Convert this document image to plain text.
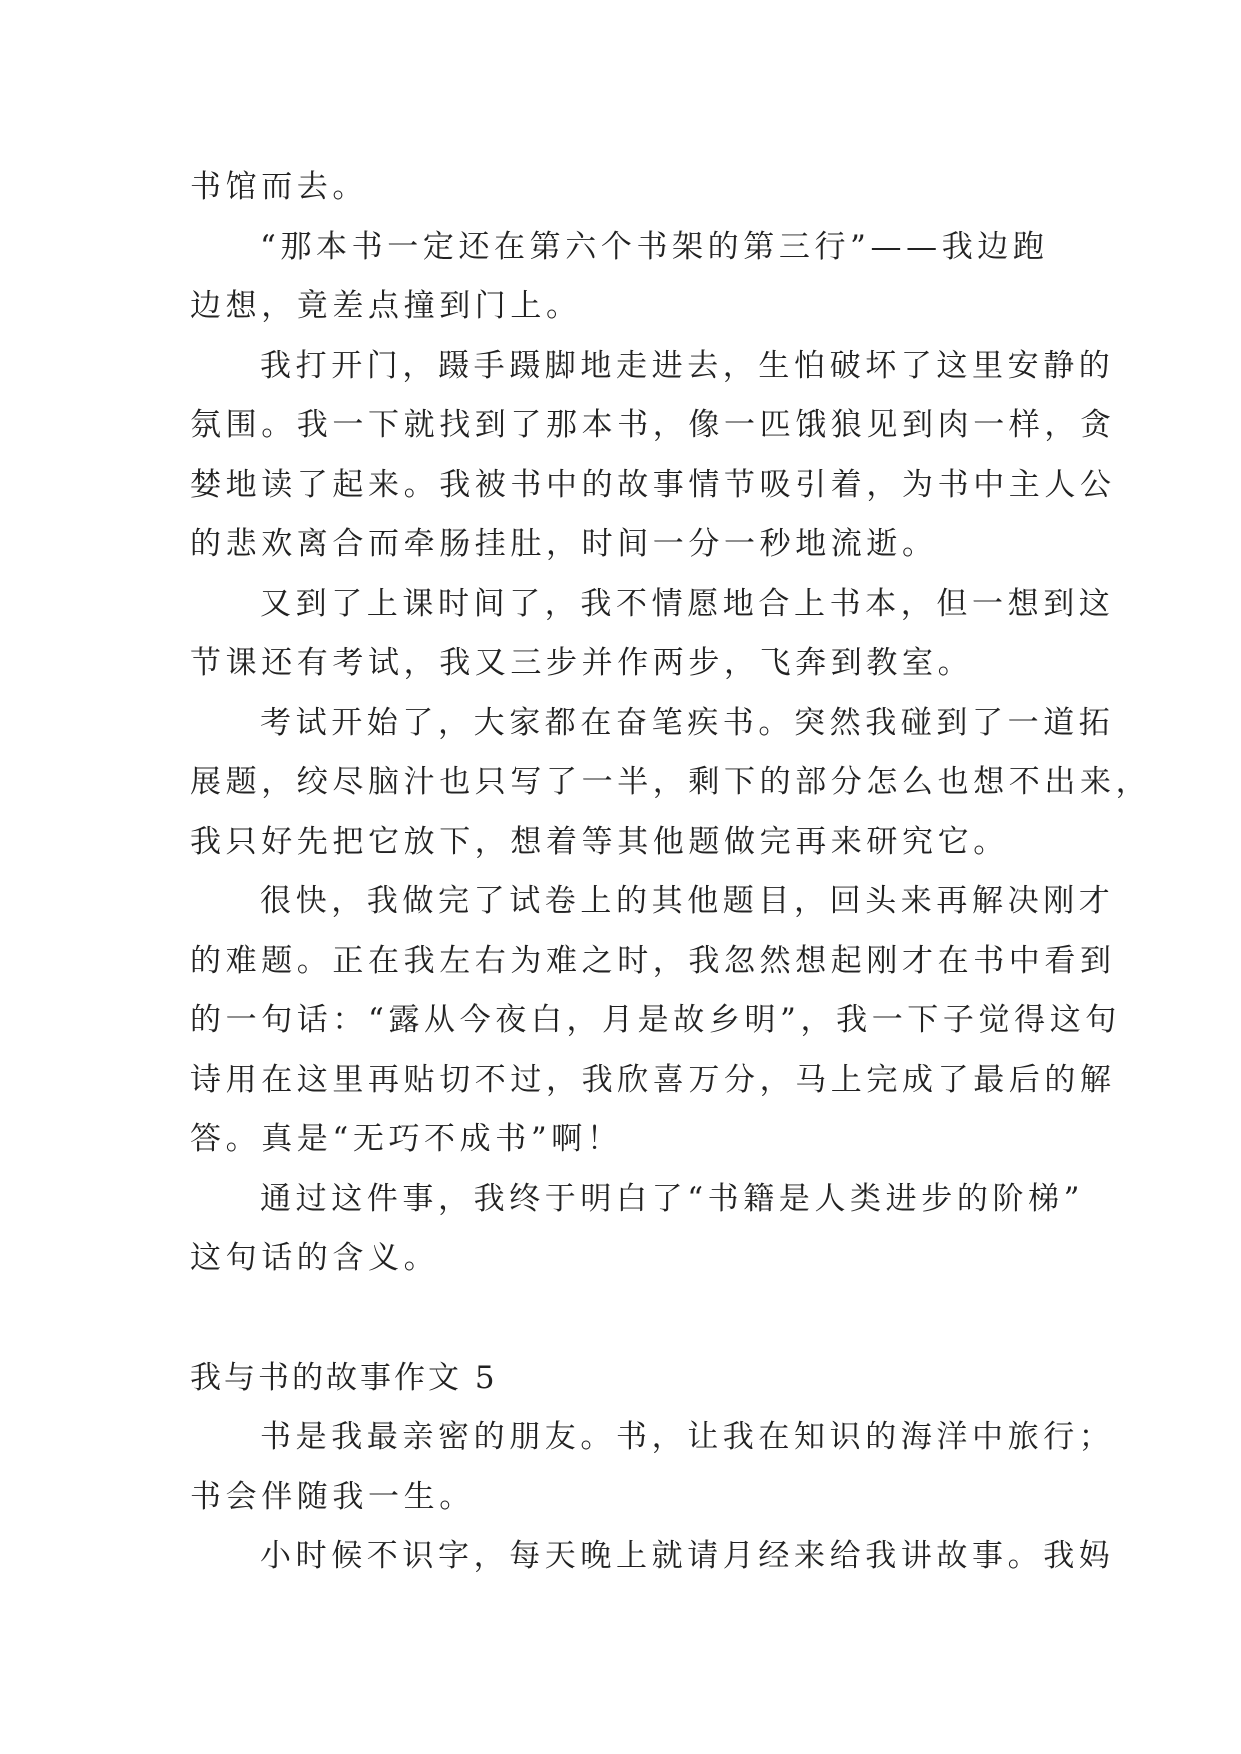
书馆而去。
“那本书一定还在第六个书架的第三行”——我边跑
边想，竟差点撞到门上。
我打开门，蹑手蹑脚地走进去，生怕破坏了这里安静的
氛围。我一下就找到了那本书，像一匹饿狼见到肉一样，贪
婪地读了起来。我被书中的故事情节吸引着，为书中主人公
的悲欢离合而牵肠挂肚，时间一分一秒地流逝。
又到了上课时间了，我不情愿地合上书本，但一想到这
节课还有考试，我又三步并作两步，飞奔到教室。
考试开始了，大家都在奋笔疾书。突然我碰到了一道拓
展题，绞尽脑汁也只写了一半，剩下的部分怎么也想不出来，
我只好先把它放下，想着等其他题做完再来研究它。
很快，我做完了试卷上的其他题目，回头来再解决刚才
的难题。正在我左右为难之时，我忽然想起刚才在书中看到
的一句话：“露从今夜白，月是故乡明”，我一下子觉得这句
诗用在这里再贴切不过，我欣喜万分，马上完成了最后的解
答。真是“无巧不成书”啊！
通过这件事，我终于明白了“书籍是人类进步的阶梯”
这句话的含义。
我与书的故事作文 5
书是我最亲密的朋友。书，让我在知识的海洋中旅行；
书会伴随我一生。
小时候不识字，每天晚上就请月经来给我讲故事。我妈
